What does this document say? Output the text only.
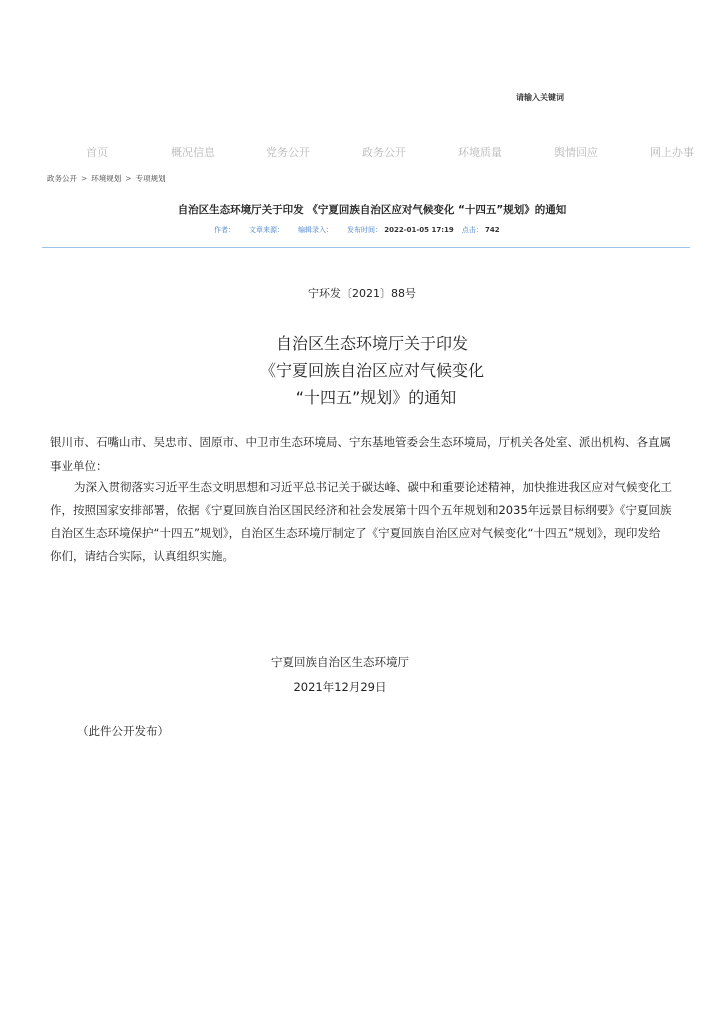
请输入关键词
首页	概况信息	党务公开	政务公开	环境质量	舆情回应	网上办事
政务公开 > 环境规划 > 专项规划
自治区生态环境厅关于印发 《宁夏回族自治区应对气候变化 “十四五”规划》的通知
作者： 文章来源： 编辑录入： 发布时间： 2022-01-05 17:19 点击： 742
宁环发〔2021〕88号
自治区生态环境厅关于印发
《宁夏回族自治区应对气候变化
“十四五”规划》的通知
银川市、石嘴山市、吴忠市、固原市、中卫市生态环境局、宁东基地管委会生态环境局，厅机关各处室、派出机构、各直属
事业单位：
为深入贯彻落实习近平生态文明思想和习近平总书记关于碳达峰、碳中和重要论述精神，加快推进我区应对气候变化工
作，按照国家安排部署，依据《宁夏回族自治区国民经济和社会发展第十四个五年规划和2035年远景目标纲要》《宁夏回族
自治区生态环境保护“十四五”规划》，自治区生态环境厅制定了《宁夏回族自治区应对气候变化“十四五”规划》，现印发给
你们，请结合实际，认真组织实施。
宁夏回族自治区生态环境厅
2021年12月29日
（此件公开发布）
